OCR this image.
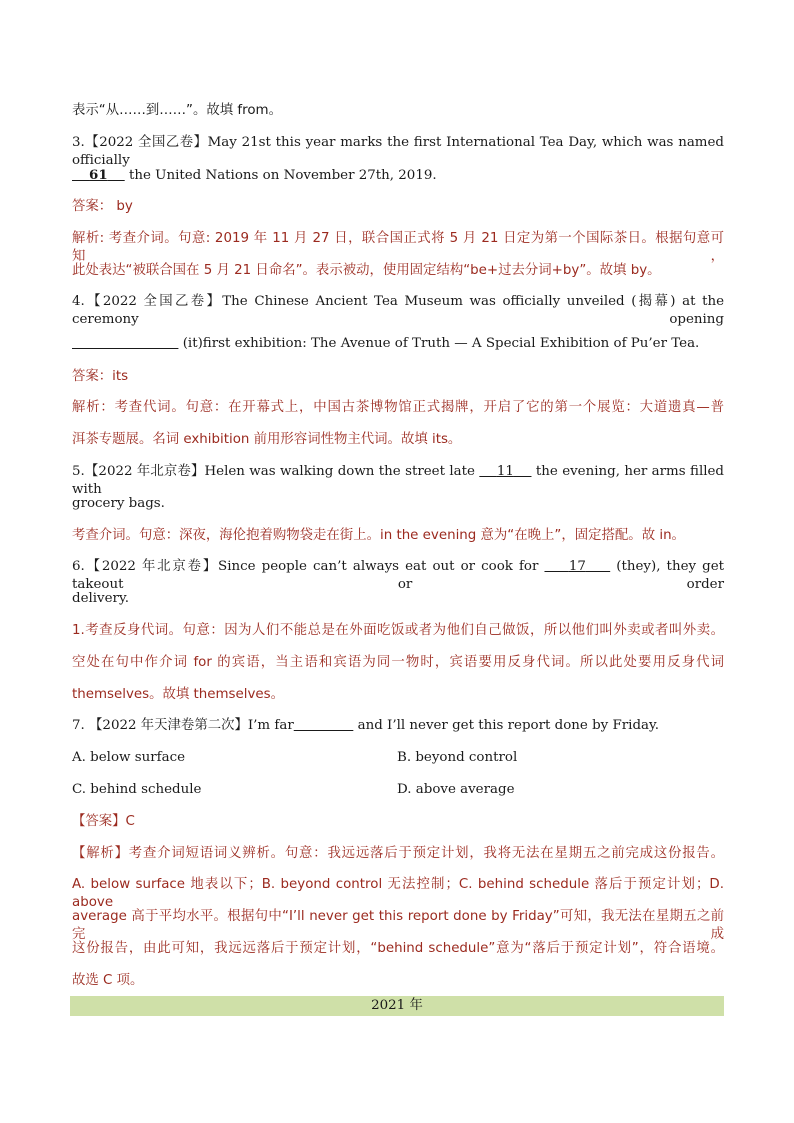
表示“从……到……”。故填 from。
3.【2022 全国乙卷】May 21st this year marks the first International Tea Day, which was named officially
61 the United Nations on November 27th, 2019.
答案： by
解析: 考查介词。句意: 2019 年 11 月 27 日，联合国正式将 5 月 21 日定为第一个国际茶日。根据句意可知，
此处表达“被联合国在 5 月 21 日命名”。表示被动，使用固定结构“be+过去分词+by”。故填 by。
4.【2022 全国乙卷】The Chinese Ancient Tea Museum was officially unveiled (揭幕) at the ceremony opening
(it)first exhibition: The Avenue of Truth — A Special Exhibition of Pu’er Tea.
答案：its
解析：考查代词。句意：在开幕式上，中国古茶博物馆正式揭牌，开启了它的第一个展览：大道遗真—普
洱茶专题展。名词 exhibition 前用形容词性物主代词。故填 its。
5.【2022 年北京卷】Helen was walking down the street late 11 the evening, her arms filled with
grocery bags.
考查介词。句意：深夜，海伦抱着购物袋走在街上。in the evening 意为“在晚上”，固定搭配。故 in。
6.【2022 年北京卷】Since people can’t always eat out or cook for 17 (they), they get takeout or order
delivery.
1.考查反身代词。句意：因为人们不能总是在外面吃饭或者为他们自己做饭，所以他们叫外卖或者叫外卖。
空处在句中作介词 for 的宾语，当主语和宾语为同一物时，宾语要用反身代词。所以此处要用反身代词
themselves。故填 themselves。
7. 【2022 年天津卷第二次】I’m far	and I’ll never get this report done by Friday.
A. below surface	B. beyond control
C. behind schedule	D. above average
【答案】C
【解析】考查介词短语词义辨析。句意：我远远落后于预定计划，我将无法在星期五之前完成这份报告。
A. below surface 地表以下；B. beyond control 无法控制；C. behind schedule 落后于预定计划；D. above
average 高于平均水平。根据句中“I’ll never get this report done by Friday”可知，我无法在星期五之前完成
这份报告，由此可知，我远远落后于预定计划，“behind schedule”意为“落后于预定计划”，符合语境。
故选 C 项。
2021 年
